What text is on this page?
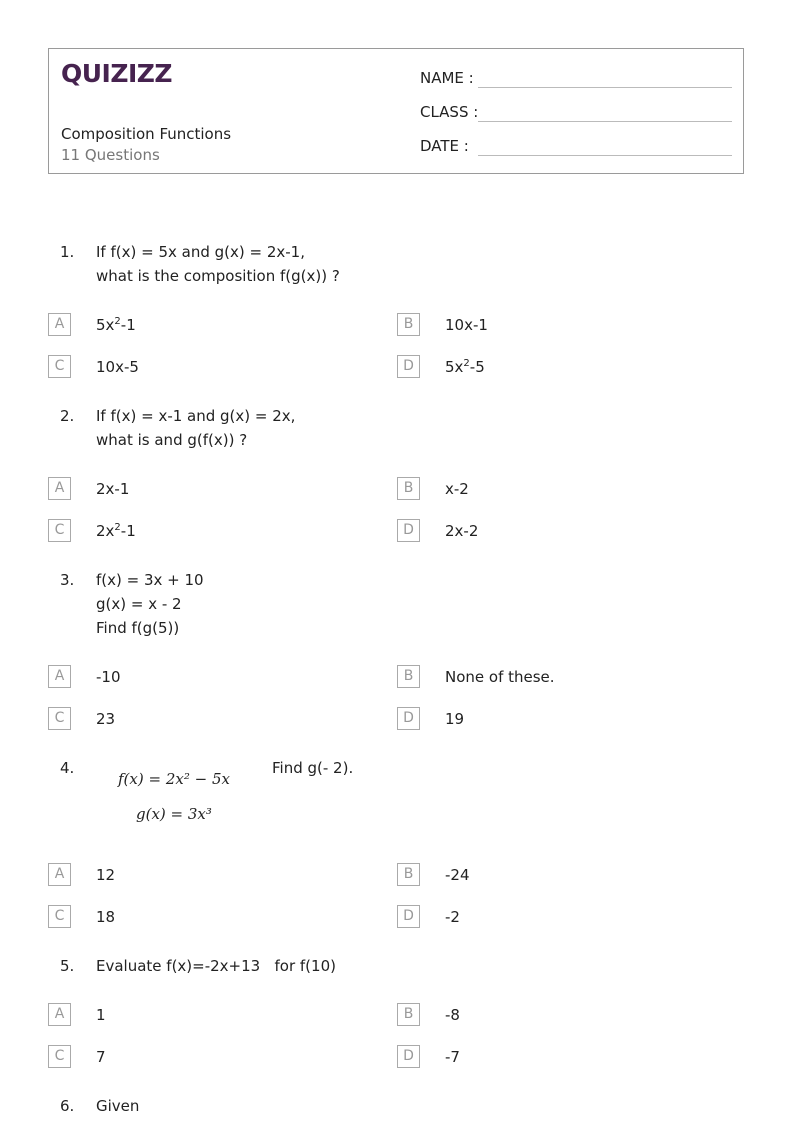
QUIZIZZ
Composition Functions
11 Questions
NAME :
CLASS :
DATE :
1. If f(x) = 5x and g(x) = 2x-1,
what is the composition f(g(x)) ?
A	$5x^2-1$	B	10x-1
C	10x-5	D	$5x^2-5$
2. If f(x) = x-1 and g(x) = 2x,
what is and g(f(x)) ?
A	2x-1	B	x-2
C	$2x^2-1$	D	2x-2
3. f(x) = 3x + 10
g(x) = x - 2
Find f(g(5))
A	-10	B	None of these.
C	23	D	19
4.
f(x) = 2x² − 5x
g(x) = 3x³
Find g(- 2).
A	12	B	-24
C	18	D	-2
5. Evaluate f(x)=-2x+13   for f(10)
A	1	B	-8
C	7	D	-7
6. Given
